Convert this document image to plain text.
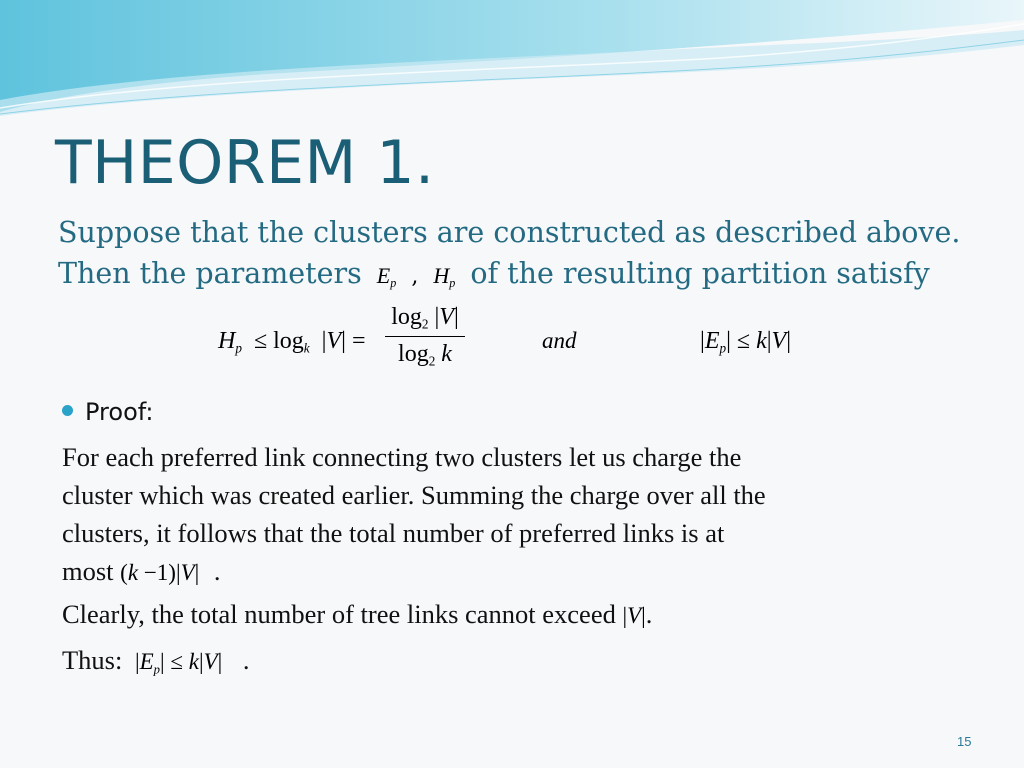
THEOREM 1.
Suppose that the clusters are constructed as described above.
Then the parameters $E_p$ , $H_p$ of the resulting partition satisfy
$H_p \le \log_k |V| = \frac{\log_2 |V|}{\log_2 k}$	and	$|E_p| \le k|V|$
Proof:
For each preferred link connecting two clusters let us charge the
cluster which was created earlier. Summing the charge over all the
clusters, it follows that the total number of preferred links is at
most (k −1)|V| .
Clearly, the total number of tree links cannot exceed |V|.
Thus: $|E_p| \le k|V|$ .
15
